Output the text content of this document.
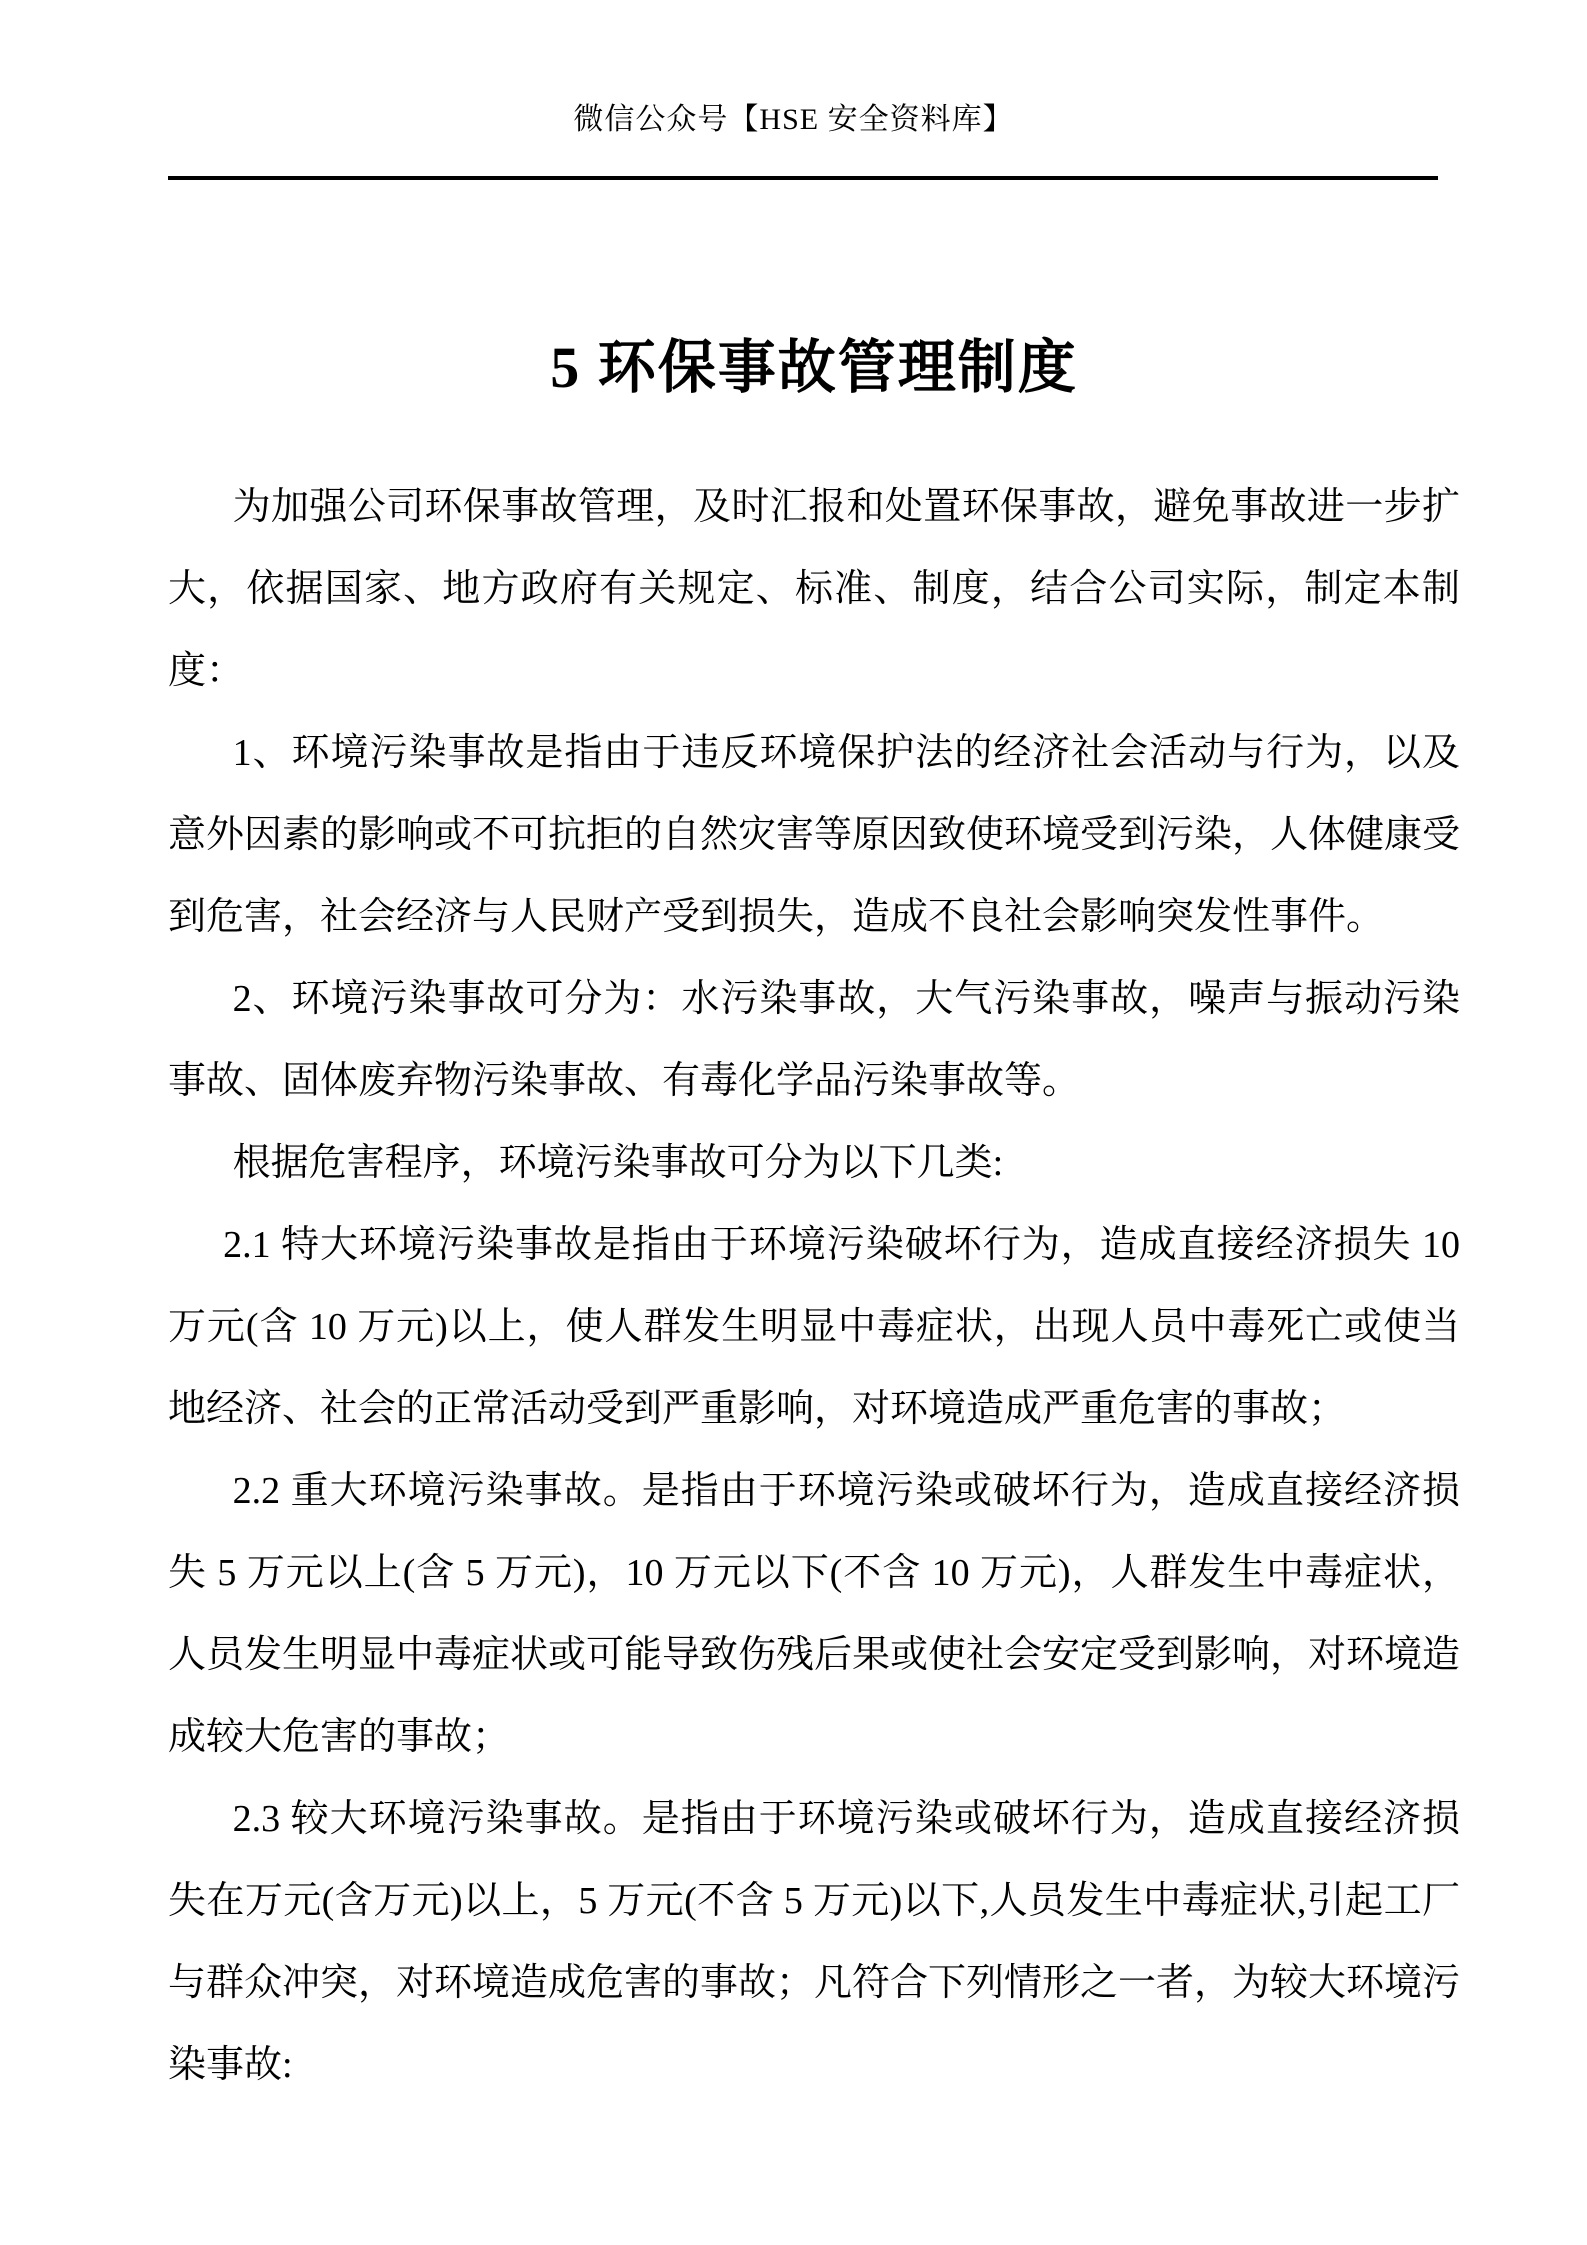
微信公众号【HSE 安全资料库】
5 环保事故管理制度

为加强公司环保事故管理，及时汇报和处置环保事故，避免事故进一步扩大，依据国家、地方政府有关规定、标准、制度，结合公司实际，制定本制度：

1、环境污染事故是指由于违反环境保护法的经济社会活动与行为，以及意外因素的影响或不可抗拒的自然灾害等原因致使环境受到污染，人体健康受到危害，社会经济与人民财产受到损失，造成不良社会影响突发性事件。

2、环境污染事故可分为：水污染事故，大气污染事故，噪声与振动污染事故、固体废弃物污染事故、有毒化学品污染事故等。

根据危害程序，环境污染事故可分为以下几类:

2.1 特大环境污染事故是指由于环境污染破坏行为，造成直接经济损失 10 万元(含 10 万元)以上，使人群发生明显中毒症状，出现人员中毒死亡或使当地经济、社会的正常活动受到严重影响，对环境造成严重危害的事故；

2.2 重大环境污染事故。是指由于环境污染或破坏行为，造成直接经济损失 5 万元以上(含 5 万元)，10 万元以下(不含 10 万元)，人群发生中毒症状，人员发生明显中毒症状或可能导致伤残后果或使社会安定受到影响，对环境造成较大危害的事故；

2.3 较大环境污染事故。是指由于环境污染或破坏行为，造成直接经济损失在万元(含万元)以上，5 万元(不含 5 万元)以下,人员发生中毒症状,引起工厂与群众冲突，对环境造成危害的事故；凡符合下列情形之一者，为较大环境污染事故:
